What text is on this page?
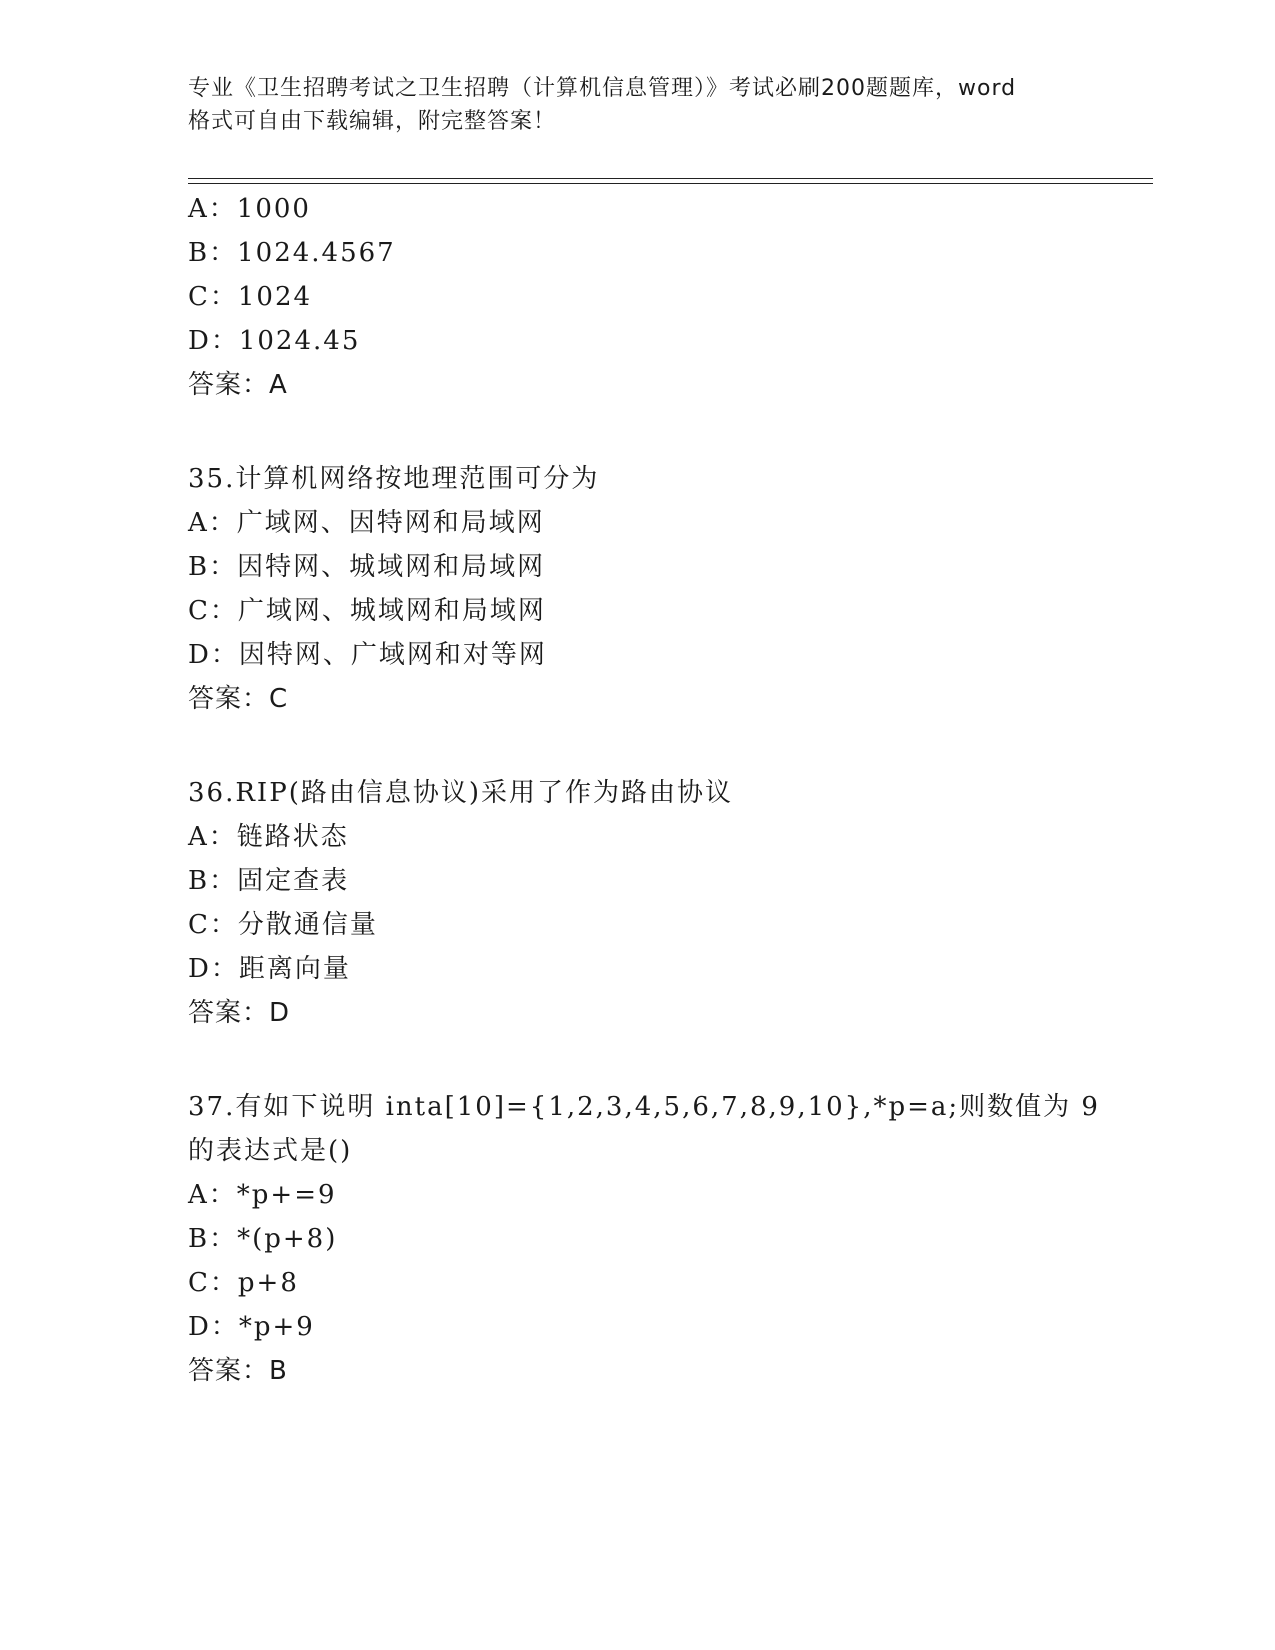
专业《卫生招聘考试之卫生招聘（计算机信息管理）》考试必刷200题题库，word
格式可自由下载编辑，附完整答案！
A：1000
B：1024.4567
C：1024
D：1024.45
答案：A
35.计算机网络按地理范围可分为
A：广域网、因特网和局域网
B：因特网、城域网和局域网
C：广域网、城域网和局域网
D：因特网、广域网和对等网
答案：C
36.RIP(路由信息协议)采用了作为路由协议
A：链路状态
B：固定查表
C：分散通信量
D：距离向量
答案：D
37.有如下说明 inta[10]={1,2,3,4,5,6,7,8,9,10},*p=a;则数值为 9
的表达式是()
A：*p+=9
B：*(p+8)
C：p+8
D：*p+9
答案：B
